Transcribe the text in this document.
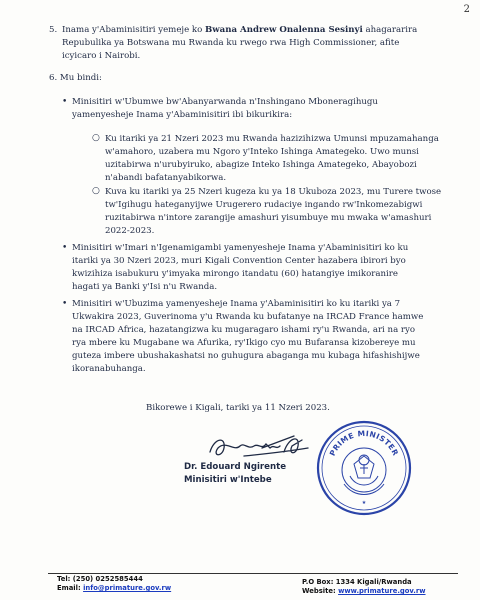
2
5. Inama y'Abaminisitiri yemeje ko Bwana Andrew Onalenna Sesinyi ahagararira
Repubulika ya Botswana mu Rwanda ku rwego rwa High Commissioner, afite
icyicaro i Nairobi.
6. Mu bindi:
• Minisitiri w'Ubumwe bw'Abanyarwanda n'Inshingano Mboneragihugu
yamenyesheje Inama y'Abaminisitiri ibi bikurikira:
○ Ku itariki ya 21 Nzeri 2023 mu Rwanda hazizihizwa Umunsi mpuzamahanga
w'amahoro, uzabera mu Ngoro y'Inteko Ishinga Amategeko. Uwo munsi
uzitabirwa n'urubyiruko, abagize Inteko Ishinga Amategeko, Abayobozi
n'abandi bafatanyabikorwa.
○ Kuva ku itariki ya 25 Nzeri kugeza ku ya 18 Ukuboza 2023, mu Turere twose
tw'Igihugu hateganyijwe Urugerero rudaciye ingando rw'Inkomezabigwi
ruzitabirwa n'intore zarangije amashuri yisumbuye mu mwaka w'amashuri
2022-2023.
• Minisitiri w'Imari n'Igenamigambi yamenyesheje Inama y'Abaminisitiri ko ku
itariki ya 30 Nzeri 2023, muri Kigali Convention Center hazabera ibirori byo
kwizihiza isabukuru y'imyaka mirongo itandatu (60) hatangiye imikoranire
hagati ya Banki y'Isi n'u Rwanda.
• Minisitiri w'Ubuzima yamenyesheje Inama y'Abaminisitiri ko ku itariki ya 7
Ukwakira 2023, Guverinoma y'u Rwanda ku bufatanye na IRCAD France hamwe
na IRCAD Africa, hazatangizwa ku mugaragaro ishami ry'u Rwanda, ari na ryo
rya mbere ku Mugabane wa Afurika, ry'Ikigo cyo mu Bufaransa kizobereye mu
guteza imbere ubushakashatsi no guhugura abaganga mu kubaga hifashishijwe
ikoranabuhanga.
Bikorewe i Kigali, tariki ya 11 Nzeri 2023.
Dr. Edouard Ngirente
Minisitiri w'Intebe
PRIME MINISTER
★
Tel: (250) 0252585444
Email: info@primature.gov.rw
P.O Box: 1334 Kigali/Rwanda
Website: www.primature.gov.rw
